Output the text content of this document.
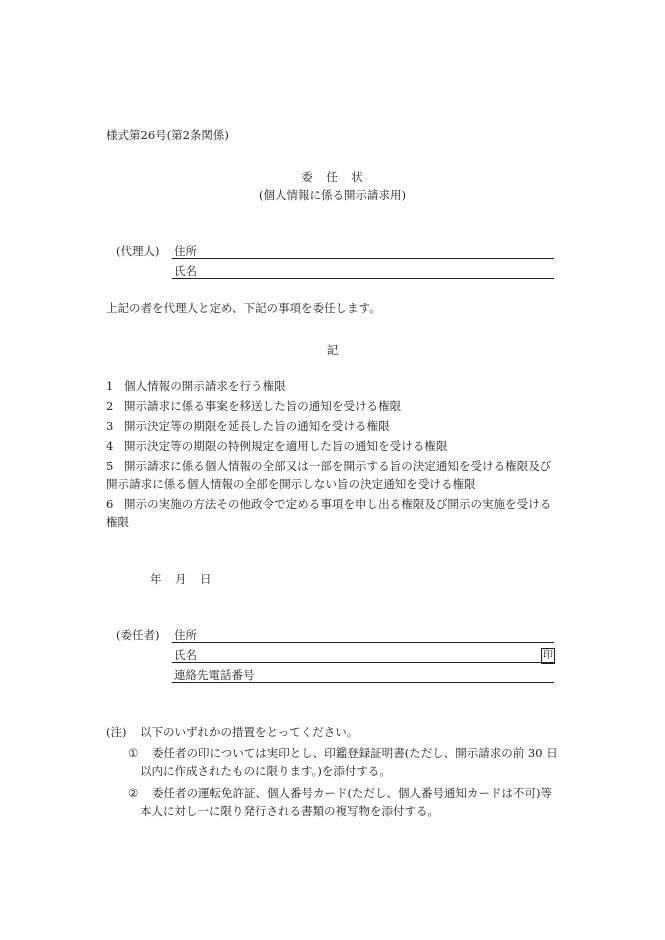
様式第26号(第2条関係)
委　任　状
(個人情報に係る開示請求用)
(代理人) 住所
氏名
上記の者を代理人と定め、下記の事項を委任します。
記
1 個人情報の開示請求を行う権限
2 開示請求に係る事案を移送した旨の通知を受ける権限
3 開示決定等の期限を延長した旨の通知を受ける権限
4 開示決定等の期限の特例規定を適用した旨の通知を受ける権限
5 開示請求に係る個人情報の全部又は一部を開示する旨の決定通知を受ける権限及び開示請求に係る個人情報の全部を開示しない旨の決定通知を受ける権限
6 開示の実施の方法その他政令で定める事項を申し出る権限及び開示の実施を受ける権限
年　月　日
(委任者) 住所
氏名	印
連絡先電話番号
(注) 以下のいずれかの措置をとってください。
①	委任者の印については実印とし、印鑑登録証明書(ただし、開示請求の前 30 日以内に作成されたものに限ります。)を添付する。
②	委任者の運転免許証、個人番号カード(ただし、個人番号通知カードは不可)等本人に対し一に限り発行される書類の複写物を添付する。
